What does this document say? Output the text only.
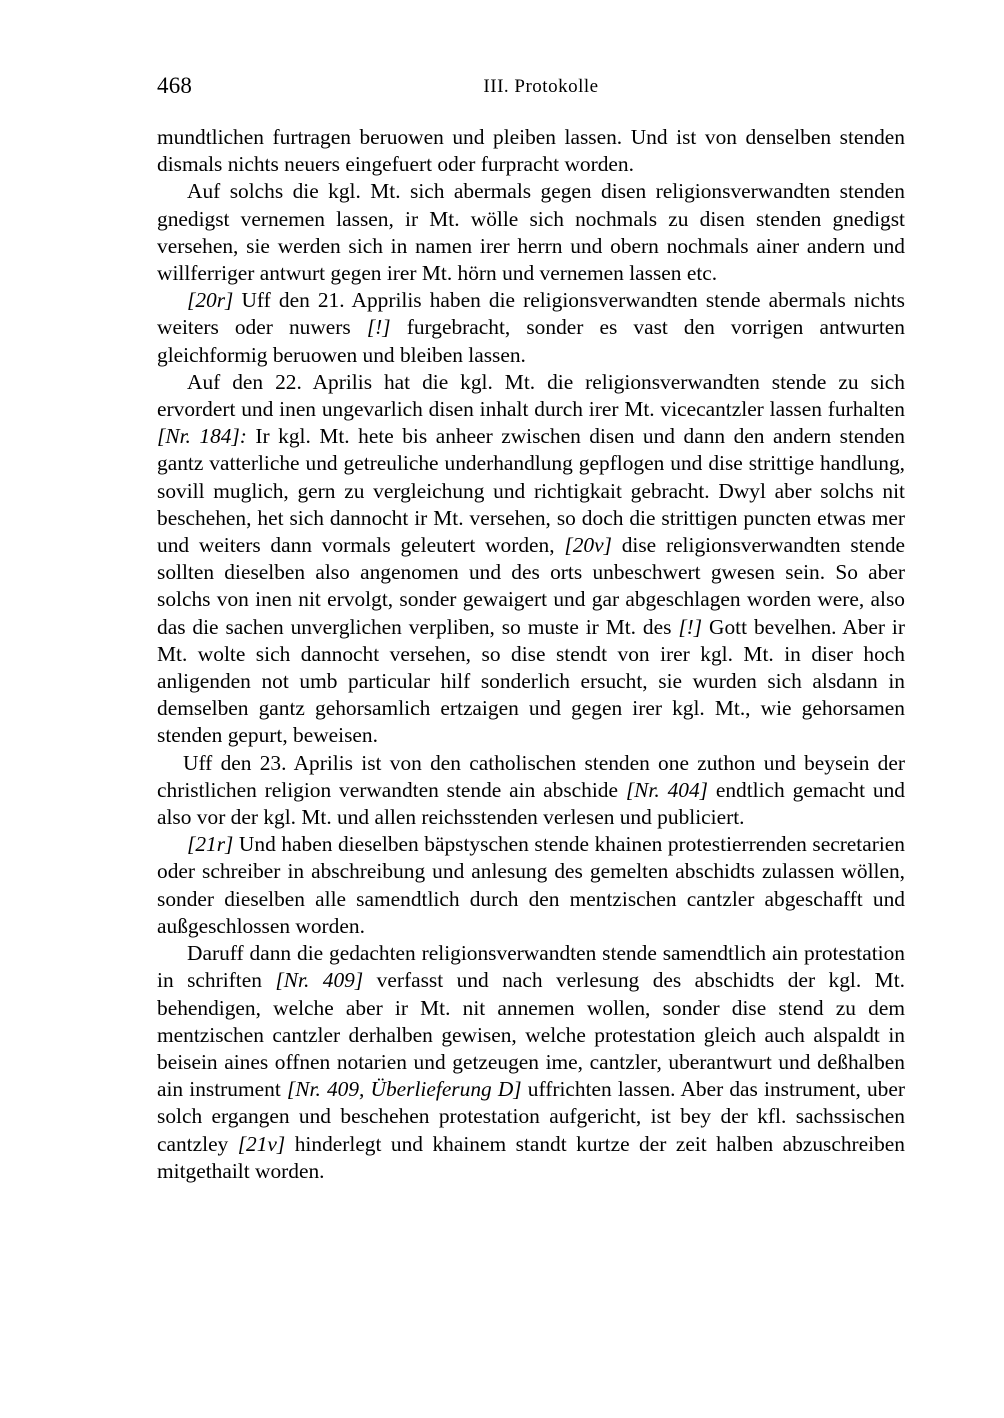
468	III. Protokolle

mundtlichen furtragen beruowen und pleiben lassen. Und ist von denselben stenden dismals nichts neuers eingefuert oder furpracht worden.

Auf solchs die kgl. Mt. sich abermals gegen disen religionsverwandten stenden gnedigst vernemen lassen, ir Mt. wölle sich nochmals zu disen stenden gnedigst versehen, sie werden sich in namen irer herrn und obern nochmals ainer andern und willferriger antwurt gegen irer Mt. hörn und vernemen lassen etc.

[20r] Uff den 21. Apprilis haben die religionsverwandten stende abermals nichts weiters oder nuwers [!] furgebracht, sonder es vast den vorrigen antwurten gleichformig beruowen und bleiben lassen.

Auf den 22. Aprilis hat die kgl. Mt. die religionsverwandten stende zu sich ervordert und inen ungevarlich disen inhalt durch irer Mt. vicecantzler lassen furhalten [Nr. 184]: Ir kgl. Mt. hete bis anheer zwischen disen und dann den andern stenden gantz vatterliche und getreuliche underhandlung gepflogen und dise strittige handlung, sovill muglich, gern zu vergleichung und richtigkait gebracht. Dwyl aber solchs nit beschehen, het sich dannocht ir Mt. versehen, so doch die strittigen puncten etwas mer und weiters dann vormals geleutert worden, [20v] dise religionsverwandten stende sollten dieselben also angenomen und des orts unbeschwert gwesen sein. So aber solchs von inen nit ervolgt, sonder gewaigert und gar abgeschlagen worden were, also das die sachen unverglichen verpliben, so muste ir Mt. des [!] Gott bevelhen. Aber ir Mt. wolte sich dannocht versehen, so dise stendt von irer kgl. Mt. in diser hoch anligenden not umb particular hilf sonderlich ersucht, sie wurden sich alsdann in demselben gantz gehorsamlich ertzaigen und gegen irer kgl. Mt., wie gehorsamen stenden gepurt, beweisen.

Uff den 23. Aprilis ist von den catholischen stenden one zuthon und beysein der christlichen religion verwandten stende ain abschide [Nr. 404] endtlich gemacht und also vor der kgl. Mt. und allen reichsstenden verlesen und publiciert.

[21r] Und haben dieselben bäpstyschen stende khainen protestierrenden secretarien oder schreiber in abschreibung und anlesung des gemelten abschidts zulassen wöllen, sonder dieselben alle samendtlich durch den mentzischen cantzler abgeschafft und außgeschlossen worden.

Daruff dann die gedachten religionsverwandten stende samendtlich ain protestation in schriften [Nr. 409] verfasst und nach verlesung des abschidts der kgl. Mt. behendigen, welche aber ir Mt. nit annemen wollen, sonder dise stend zu dem mentzischen cantzler derhalben gewisen, welche protestation gleich auch alspaldt in beisein aines offnen notarien und getzeugen ime, cantzler, uberantwurt und deßhalben ain instrument [Nr. 409, Überlieferung D] uffrichten lassen. Aber das instrument, uber solch ergangen und beschehen protestation aufgericht, ist bey der kfl. sachssischen cantzley [21v] hinderlegt und khainem standt kurtze der zeit halben abzuschreiben mitgethailt worden.
